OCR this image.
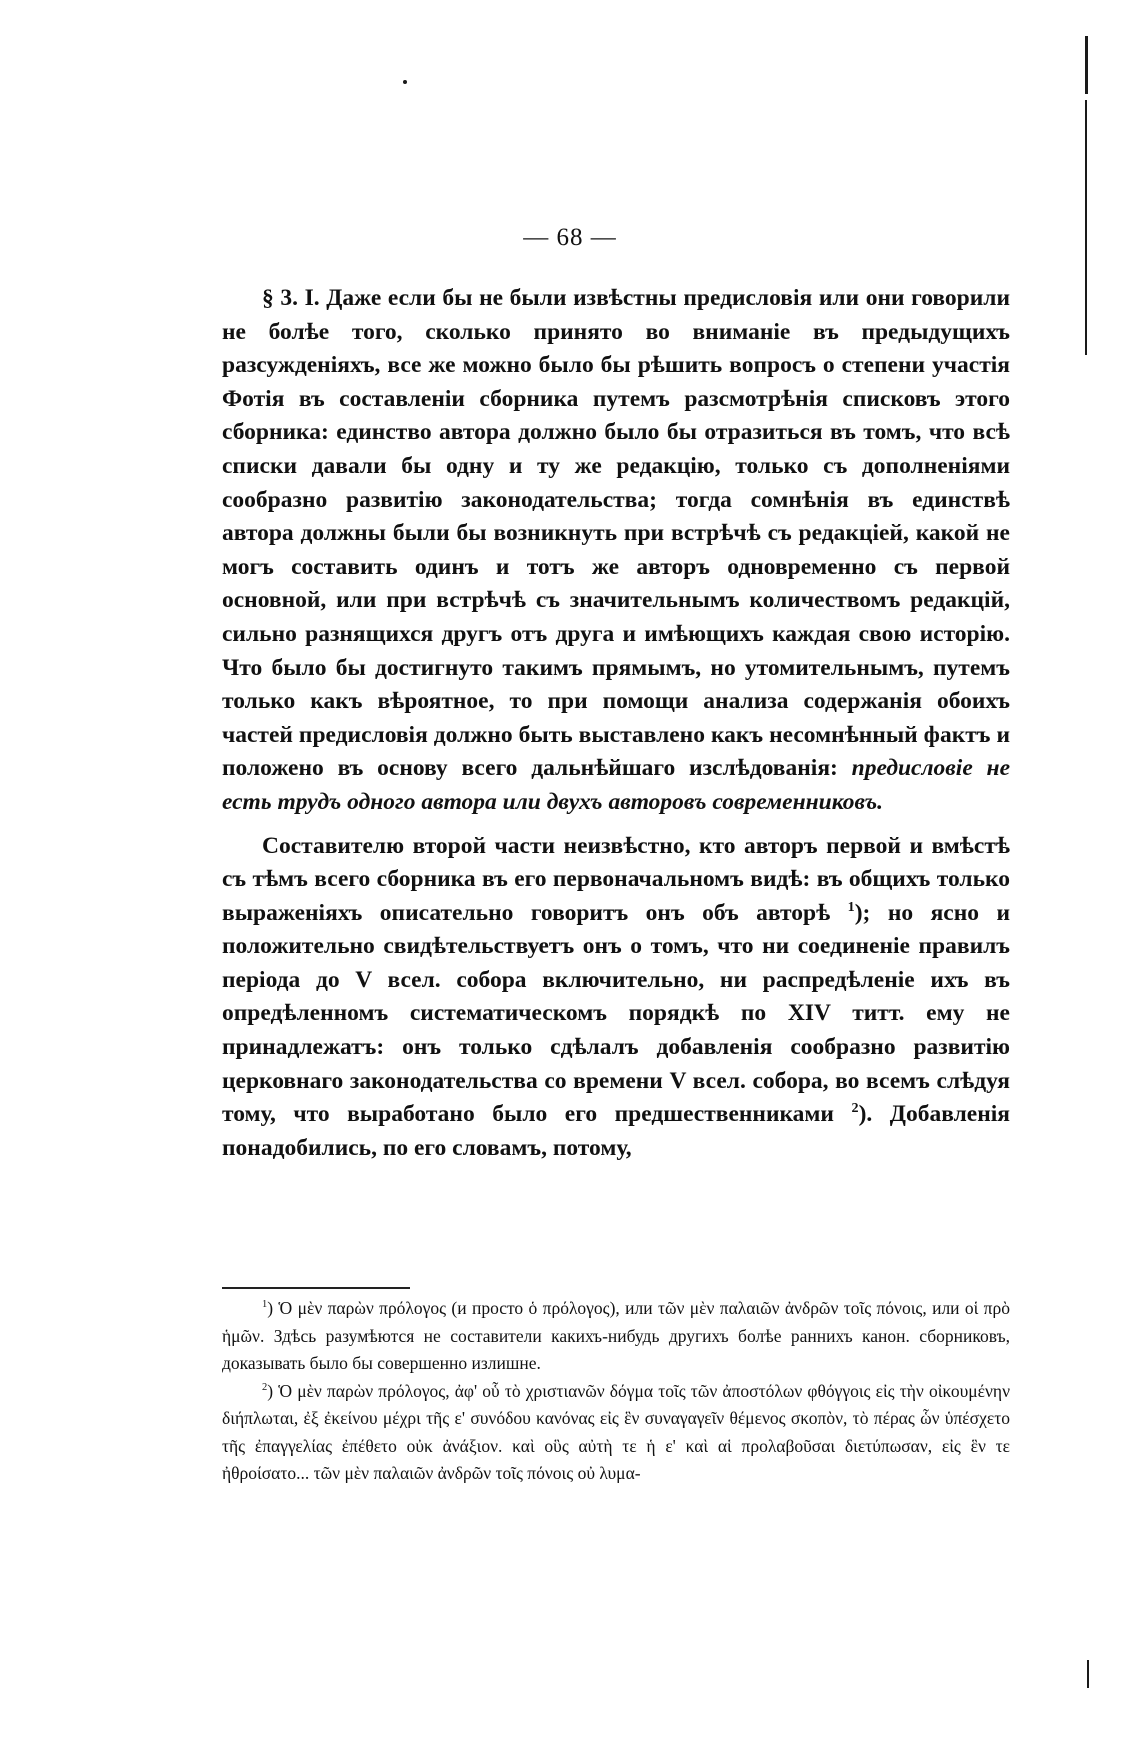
— 68 —

§ 3. I. Даже если бы не были извѣстны предисловія или они говорили не болѣе того, сколько принято во вниманіе въ предыдущихъ разсужденіяхъ, все же можно было бы рѣшить вопросъ о степени участія Фотія въ составленіи сборника путемъ разсмотрѣнія списковъ этого сборника: единство автора должно было бы отразиться въ томъ, что всѣ списки давали бы одну и ту же редакцію, только съ дополненіями сообразно развитію законодательства; тогда сомнѣнія въ единствѣ автора должны были бы возникнуть при встрѣчѣ съ редакціей, какой не могъ составить одинъ и тотъ же авторъ одновременно съ первой основной, или при встрѣчѣ съ значительнымъ количествомъ редакцій, сильно разнящихся другъ отъ друга и имѣющихъ каждая свою исторію. Что было бы достигнуто такимъ прямымъ, но утомительнымъ, путемъ только какъ вѣроятное, то при помощи анализа содержанія обоихъ частей предисловія должно быть выставлено какъ несомнѣнный фактъ и положено въ основу всего дальнѣйшаго изслѣдованія: предисловіе не есть трудъ одного автора или двухъ авторовъ современниковъ.

Составителю второй части неизвѣстно, кто авторъ первой и вмѣстѣ съ тѣмъ всего сборника въ его первоначальномъ видѣ: въ общихъ только выраженіяхъ описательно говоритъ онъ объ авторѣ $^1$); но ясно и положительно свидѣтельствуетъ онъ о томъ, что ни соединеніе правилъ періода до V всел. собора включительно, ни распредѣленіе ихъ въ опредѣленномъ систематическомъ порядкѣ по XIV титт. ему не принадлежатъ: онъ только сдѣлалъ добавленія сообразно развитію церковнаго законодательства со времени V всел. собора, во всемъ слѣдуя тому, что выработано было его предшественниками $^2$). Добавленія понадобились, по его словамъ, потому,

$^1$) Ὁ μὲν παρὼν πρόλογος (и просто ὁ πρόλογος), или τῶν μὲν παλαιῶν ἀνδρῶν τοῖς πόνοις, или οἱ πρὸ ἡμῶν. Здѣсь разумѣются не составители какихъ-нибудь другихъ болѣе раннихъ канон. сборниковъ, доказывать было бы совершенно излишне.

$^2$) Ὁ μὲν παρὼν πρόλογος, ἀφ' οὗ τὸ χριστιανῶν δόγμα τοῖς τῶν ἀποστόλων φθόγγοις εἰς τὴν οἰκουμένην διήπλωται, ἐξ ἐκείνου μέχρι τῆς ε' συνόδου κανόνας εἰς ἓν συναγαγεῖν θέμενος σκοπὸν, τὸ πέρας ὧν ὑπέσχετο τῆς ἐπαγγελίας ἐπέθετο οὐκ ἀνάξιον. καὶ οὓς αὐτὴ τε ἡ ε' καὶ αἱ προλαβοῦσαι διετύπωσαν, εἰς ἓν τε ἠθροίσατο... τῶν μὲν παλαιῶν ἀνδρῶν τοῖς πόνοις οὐ λυμα-
